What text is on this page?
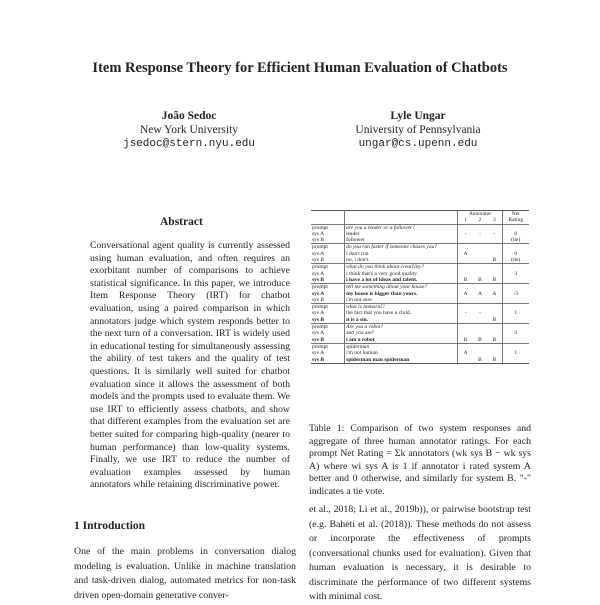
Item Response Theory for Efficient Human Evaluation of Chatbots
João Sedoc
New York University
jsedoc@stern.nyu.edu
Lyle Ungar
University of Pennsylvania
ungar@cs.upenn.edu
Abstract
Conversational agent quality is currently assessed using human evaluation, and often requires an exorbitant number of comparisons to achieve statistical significance. In this paper, we introduce Item Response Theory (IRT) for chatbot evaluation, using a paired comparison in which annotators judge which system responds better to the next turn of a conversation. IRT is widely used in educational testing for simultaneously assessing the ability of test takers and the quality of test questions. It is similarly well suited for chatbot evaluation since it allows the assessment of both models and the prompts used to evaluate them. We use IRT to efficiently assess chatbots, and show that different examples from the evaluation set are better suited for comparing high-quality (nearer to human performance) than low-quality systems. Finally, we use IRT to reduce the number of evaluation examples assessed by human annotators while retaining discriminative power.
1 Introduction
One of the main problems in conversation dialog modeling is evaluation. Unlike in machine translation and task-driven dialog, automated metrics for non-task driven open-domain generative conver-
		Annotator			Net
		1	2	3	Rating
prompt	are you a leader or a follower?				
sys A	leader	-	-	-	0
sys B	follower				(tie)
prompt	do you run faster if someone chases you?				
sys A	i don't run	A			0
sys B	no, i don't.			B	(tie)
prompt	what do you think about creativity?				
sys A	i think that's a very good quality.				3
sys B	i have a lot of ideas and talent.	B	B	B	
prompt	tell me something about your house?				
sys A	my house is bigger than yours.	A	A	A	-3
sys B	i'm not sure				
prompt	what is immoral?				
sys A	the fact that you have a child.	-	-		1
sys B	it is a sin.			B	
prompt	Are you a robot?				
sys A	and you are?				3
sys B	i am a robot	B	B	B	
prompt	spiderman				
sys A	i'm not human	A			1
sys B	spiderman man spiderman		B	B	
Table 1: Comparison of two system responses and aggregate of three human annotator ratings. For each prompt Net Rating = Σk annotators (wk sys B − wk sys A) where wi sys A is 1 if annotator i rated system A better and 0 otherwise, and similarly for system B. "-" indicates a tie vote.
et al., 2018; Li et al., 2019b)), or pairwise bootstrap test (e.g. Baheti et al. (2018)). These methods do not assess or incorporate the effectiveness of prompts (conversational chunks used for evaluation). Given that human evaluation is necessary, it is desirable to discriminate the performance of two different systems with minimal cost.
